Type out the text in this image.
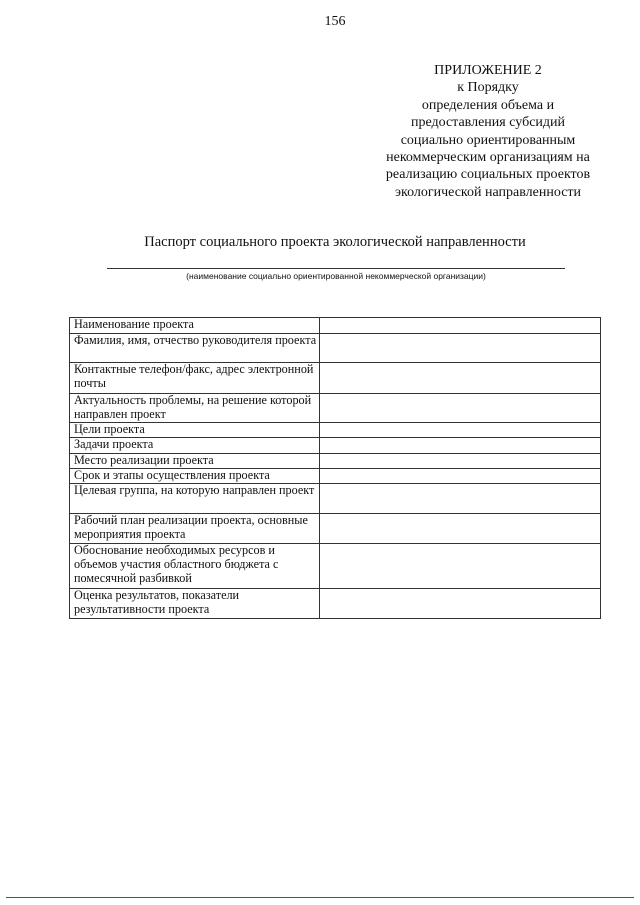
156
ПРИЛОЖЕНИЕ 2
к Порядку
определения объема и
предоставления субсидий
социально ориентированным
некоммерческим организациям на
реализацию социальных проектов
экологической направленности
Паспорт социального проекта экологической направленности
(наименование социально ориентированной некоммерческой организации)
Наименование проекта	
Фамилия, имя, отчество руководителя проекта	
Контактные телефон/факс, адрес электронной почты	
Актуальность проблемы, на решение которой направлен проект	
Цели проекта	
Задачи проекта	
Место реализации проекта	
Срок и этапы осуществления проекта	
Целевая группа, на которую направлен проект	
Рабочий план реализации проекта, основные мероприятия проекта	
Обоснование необходимых ресурсов и объемов участия областного бюджета с помесячной разбивкой	
Оценка результатов, показатели результативности проекта	
